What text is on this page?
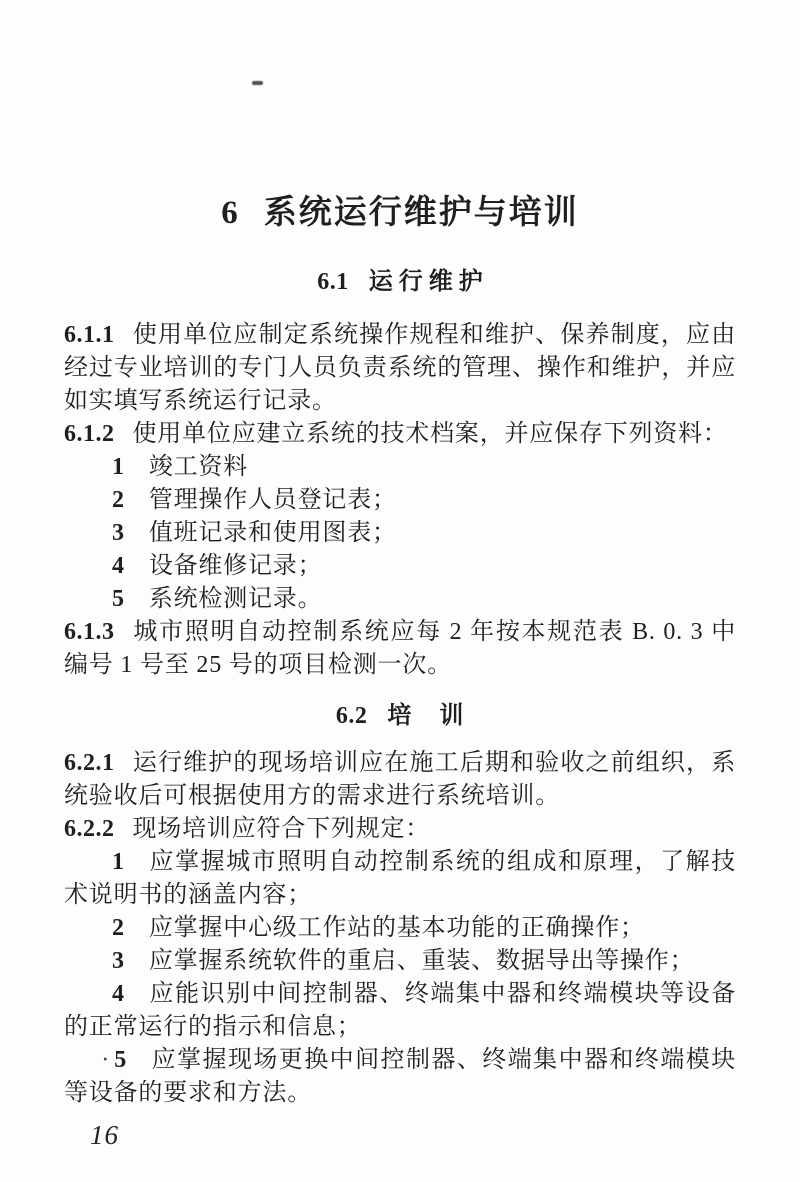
6 系统运行维护与培训
6.1 运 行 维 护

6.1.1 使用单位应制定系统操作规程和维护、保养制度，应由经过专业培训的专门人员负责系统的管理、操作和维护，并应如实填写系统运行记录。

6.1.2 使用单位应建立系统的技术档案，并应保存下列资料：

1 竣工资料

2 管理操作人员登记表；

3 值班记录和使用图表；

4 设备维修记录；

5 系统检测记录。

6.1.3 城市照明自动控制系统应每 2 年按本规范表 B. 0. 3 中编号 1 号至 25 号的项目检测一次。

6.2 培    训

6.2.1 运行维护的现场培训应在施工后期和验收之前组织，系统验收后可根据使用方的需求进行系统培训。

6.2.2 现场培训应符合下列规定：

1 应掌握城市照明自动控制系统的组成和原理，了解技术说明书的涵盖内容；

2 应掌握中心级工作站的基本功能的正确操作；

3 应掌握系统软件的重启、重装、数据导出等操作；

4 应能识别中间控制器、终端集中器和终端模块等设备的正常运行的指示和信息；

· 5 应掌握现场更换中间控制器、终端集中器和终端模块等设备的要求和方法。

16
